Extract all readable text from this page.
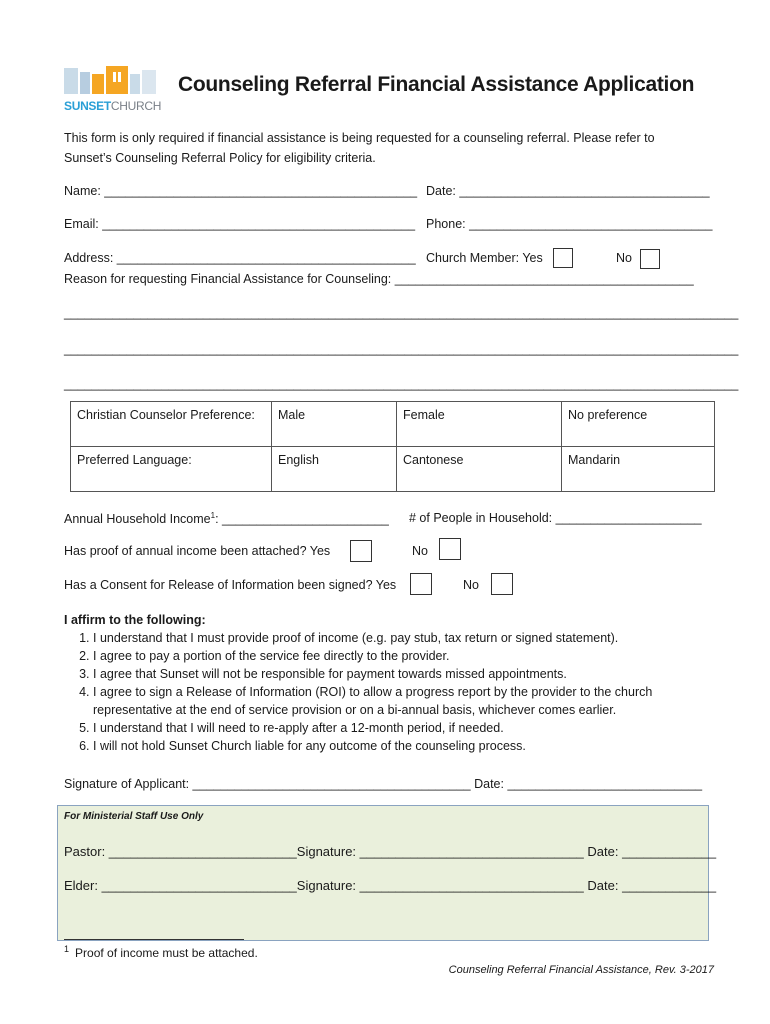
SUNSETCHURCH
Counseling Referral Financial Assistance Application
This form is only required if financial assistance is being requested for a counseling referral. Please refer to Sunset’s Counseling Referral Policy for eligibility criteria.
Name: _____________________________________________ Date: ____________________________________
Email: _____________________________________________ Phone: ___________________________________
Address: ___________________________________________ Church Member: Yes	No
Reason for requesting Financial Assistance for Counseling: ___________________________________________
_________________________________________________________________________________________________
_________________________________________________________________________________________________
_________________________________________________________________________________________________
Christian Counselor Preference:	Male	Female	No preference
Preferred Language:	English	Cantonese	Mandarin
Annual Household Income$^1$: ________________________ # of People in Household: _____________________
Has proof of annual income been attached? Yes	No
Has a Consent for Release of Information been signed? Yes	No
I affirm to the following:
1. I understand that I must provide proof of income (e.g. pay stub, tax return or signed statement).
2. I agree to pay a portion of the service fee directly to the provider.
3. I agree that Sunset will not be responsible for payment towards missed appointments.
4. I agree to sign a Release of Information (ROI) to allow a progress report by the provider to the church representative at the end of service provision or on a bi-annual basis, whichever comes earlier.
5. I understand that I will need to re-apply after a 12-month period, if needed.
6. I will not hold Sunset Church liable for any outcome of the counseling process.
Signature of Applicant: ________________________________________ Date: ____________________________
For Ministerial Staff Use Only
Pastor: __________________________Signature: _______________________________ Date: _____________
Elder: ___________________________Signature: _______________________________ Date: _____________
$^1$ Proof of income must be attached.
Counseling Referral Financial Assistance, Rev. 3-2017
